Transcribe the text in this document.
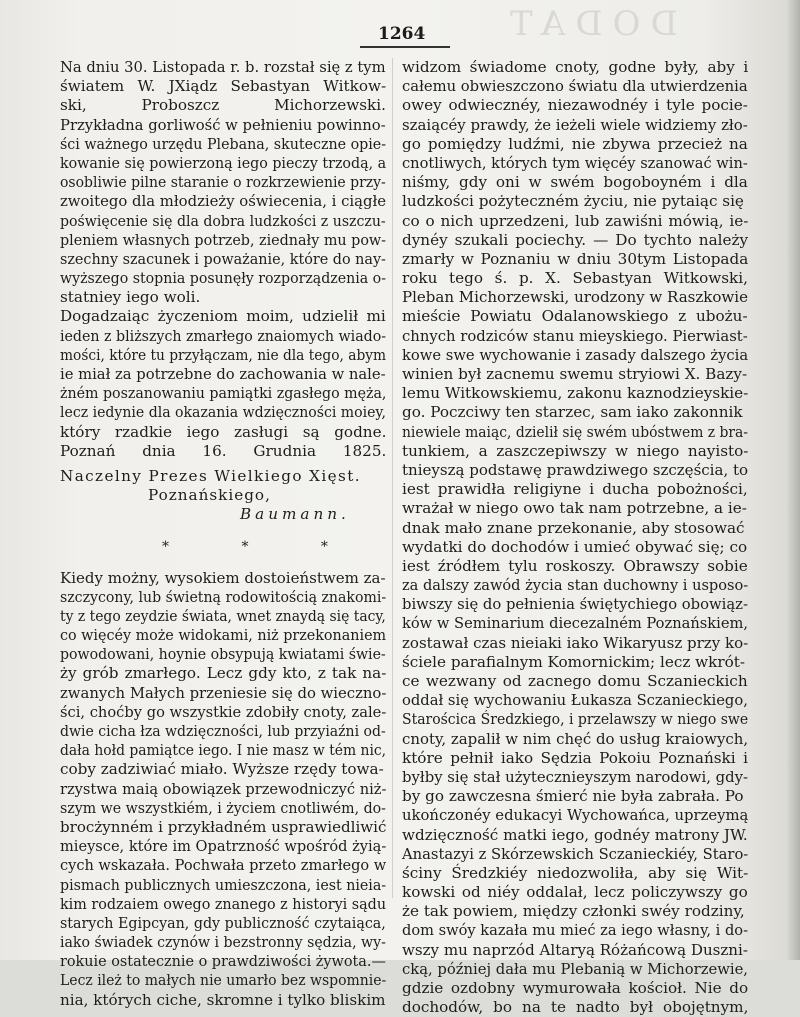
DODAT
1264
Na dniu 30. Listopada r. b. rozstał się z tym
światem W. JXiądz Sebastyan Witkow-
ski, Proboszcz Michorzewski.
Przykładna gorliwość w pełnieniu powinno-
ści ważnego urzędu Plebana, skuteczne opie-
kowanie się powierzoną iego pieczy trzodą, a
osobliwie pilne staranie o rozkrzewienie przy-
zwoitego dla młodzieży oświecenia, i ciągłe
poświęcenie się dla dobra ludzkości z uszczu-
pleniem własnych potrzeb, ziednały mu pow-
szechny szacunek i poważanie, które do nay-
wyższego stopnia posunęły rozporządzenia o-
statniey iego woli.
Dogadzaiąc życzeniom moim, udzielił mi
ieden z bliższych zmarłego znaiomych wiado-
mości, które tu przyłączam, nie dla tego, abym
ie miał za potrzebne do zachowania w nale-
żném poszanowaniu pamiątki zgasłego męża,
lecz iedynie dla okazania wdzięczności moiey,
który rzadkie iego zasługi są godne.
Poznań dnia 16. Grudnia 1825.
Naczelny Prezes Wielkiego Xięst.
Poznańskiego,
Baumann.
* * *
Kiedy możny, wysokiem dostoieństwem za-
szczycony, lub świetną rodowitością znakomi-
ty z tego zeydzie świata, wnet znaydą się tacy,
co więcéy może widokami, niż przekonaniem
powodowani, hoynie obsypują kwiatami świe-
ży grób zmarłego. Lecz gdy kto, z tak na-
zwanych Małych przeniesie się do wieczno-
ści, choćby go wszystkie zdobiły cnoty, zale-
dwie cicha łza wdzięczności, lub przyiaźni od-
dała hołd pamiątce iego. I nie masz w tém nic,
coby zadziwiać miało. Wyższe rzędy towa-
rzystwa maią obowiązek przewodniczyć niż-
szym we wszystkiém, i życiem cnotliwém, do-
brocżynném i przykładném usprawiedliwić
mieysce, które im Opatrzność wpośród żyią-
cych wskazała. Pochwała przeto zmarłego w
pismach publicznych umieszczona, iest nieia-
kim rodzaiem owego znanego z historyi sądu
starych Egipcyan, gdy publiczność czytaiąca,
iako świadek czynów i bezstronny sędzia, wy-
rokuie ostatecznie o prawdziwości żywota.—
Lecz ileż to małych nie umarło bez wspomnie-
nia, których ciche, skromne i tylko bliskim
widzom świadome cnoty, godne były, aby i
całemu obwieszczono światu dla utwierdzenia
owey odwiecznéy, niezawodnéy i tyle pocie-
szaiącéy prawdy, że ieżeli wiele widziemy zło-
go pomiędzy ludźmi, nie zbywa przecież na
cnotliwych, których tym więcéy szanować win-
niśmy, gdy oni w swém bogoboyném i dla
ludzkości pożyteczném życiu, nie pytaiąc się
co o nich uprzedzeni, lub zawiśni mówią, ie-
dynéy szukali pociechy. — Do tychto należy
zmarły w Poznaniu w dniu 30tym Listopada
roku tego ś. p. X. Sebastyan Witkowski,
Pleban Michorzewski, urodzony w Raszkowie
mieście Powiatu Odalanowskiego z ubożu-
chnych rodziców stanu mieyskiego. Pierwiast-
kowe swe wychowanie i zasady dalszego życia
winien był zacnemu swemu stryiowi X. Bazy-
lemu Witkowskiemu, zakonu kaznodzieyskie-
go. Poczciwy ten starzec, sam iako zakonnik
niewiele maiąc, dzielił się swém ubóstwem z bra-
tunkiem, a zaszczepiwszy w niego nayisto-
tnieyszą podstawę prawdziwego szczęścia, to
iest prawidła religiyne i ducha pobożności,
wrażał w niego owo tak nam potrzebne, a ie-
dnak mało znane przekonanie, aby stosować
wydatki do dochodów i umieć obywać się; co
iest źródłem tylu roskoszy. Obrawszy sobie
za dalszy zawód życia stan duchowny i usposo-
biwszy się do pełnienia świętychiego obowiąz-
ków w Seminarium diecezalném Poznańskiem,
zostawał czas nieiaki iako Wikaryusz przy ko-
ściele parafialnym Komornickim; lecz wkrót-
ce wezwany od zacnego domu Sczanieckich
oddał się wychowaniu Łukasza Sczanieckiego,
Starościca Średzkiego, i przelawszy w niego swe
cnoty, zapalił w nim chęć do usług kraiowych,
które pełnił iako Sędzia Pokoiu Poznański i
byłby się stał użytecznieyszym narodowi, gdy-
by go zawczesna śmierć nie była zabrała. Po
ukończonéy edukacyi Wychowańca, uprzeymą
wdzięczność matki iego, godnéy matrony JW.
Anastazyi z Skórzewskich Sczanieckiéy, Staro-
ściny Średzkiéy niedozwoliła, aby się Wit-
kowski od niéy oddalał, lecz policzywszy go
że tak powiem, między członki swéy rodziny,
dom swóy kazała mu mieć za iego własny, i do-
wszy mu naprzód Altaryą Różańcową Duszni-
cką, później dała mu Plebanią w Michorzewie,
gdzie ozdobny wymurowała kościoł. Nie do
dochodów, bo na te nadto był obojętnym,
